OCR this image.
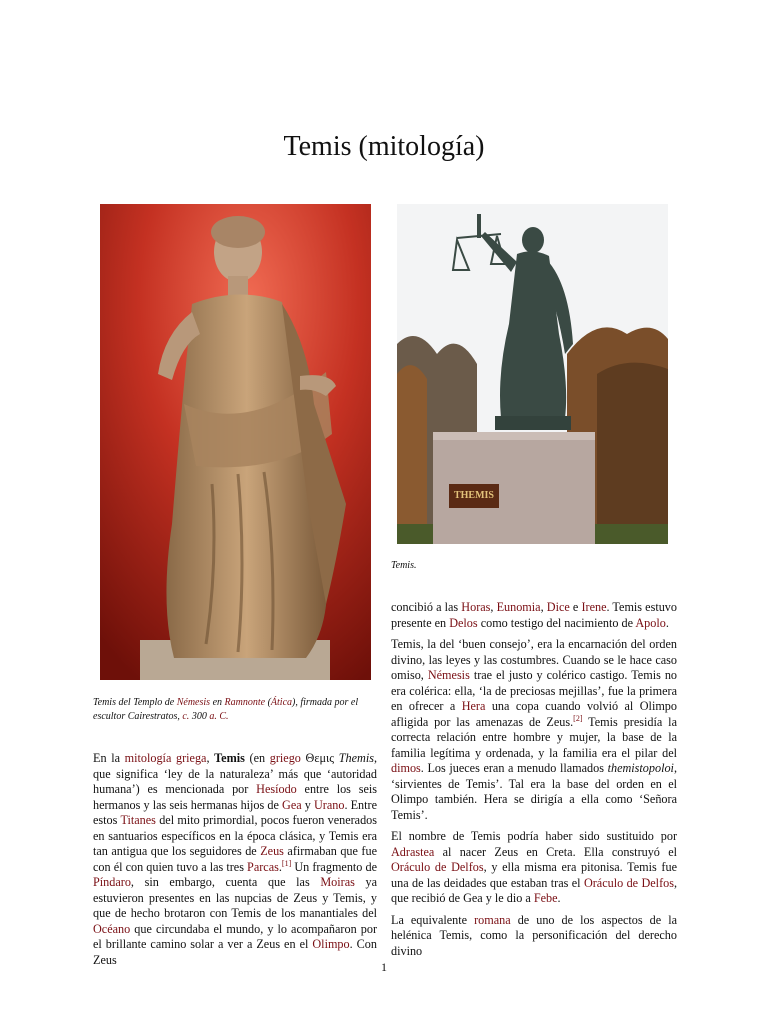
Temis (mitología)
THEMIS
Temis del Templo de Némesis en Ramnonte (Ática), firmada por el escultor Cairestratos, c. 300 a. C.
Temis.

En la mitología griega, Temis (en griego Θεμις Themis, que significa ‘ley de la naturaleza’ más que ‘autoridad humana’) es mencionada por Hesíodo entre los seis hermanos y las seis hermanas hijos de Gea y Urano. Entre estos Titanes del mito primordial, pocos fueron venerados en santuarios específicos en la época clásica, y Temis era tan antigua que los seguidores de Zeus afirmaban que fue con él con quien tuvo a las tres Parcas.[1] Un fragmento de Píndaro, sin embargo, cuenta que las Moiras ya estuvieron presentes en las nupcias de Zeus y Temis, y que de hecho brotaron con Temis de los manantiales del Océano que circundaba el mundo, y lo acompañaron por el brillante camino solar a ver a Zeus en el Olimpo. Con Zeus

concibió a las Horas, Eunomia, Dice e Irene. Temis estuvo presente en Delos como testigo del nacimiento de Apolo.

Temis, la del ‘buen consejo’, era la encarnación del orden divino, las leyes y las costumbres. Cuando se le hace caso omiso, Némesis trae el justo y colérico castigo. Temis no era colérica: ella, ‘la de preciosas mejillas’, fue la primera en ofrecer a Hera una copa cuando volvió al Olimpo afligida por las amenazas de Zeus.[2] Temis presidía la correcta relación entre hombre y mujer, la base de la familia legítima y ordenada, y la familia era el pilar del dimos. Los jueces eran a menudo llamados themistopoloi, ‘sirvientes de Temis’. Tal era la base del orden en el Olimpo también. Hera se dirigía a ella como ‘Señora Temis’.

El nombre de Temis podría haber sido sustituido por Adrastea al nacer Zeus en Creta. Ella construyó el Oráculo de Delfos, y ella misma era pitonisa. Temis fue una de las deidades que estaban tras el Oráculo de Delfos, que recibió de Gea y le dio a Febe.

La equivalente romana de uno de los aspectos de la helénica Temis, como la personificación del derecho divino

1
